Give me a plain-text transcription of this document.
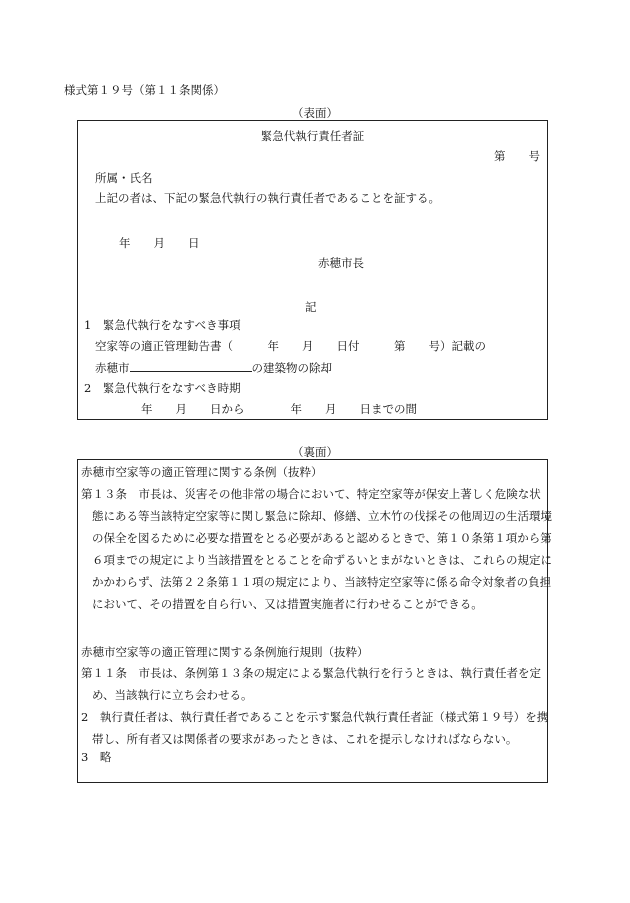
様式第１９号（第１１条関係）
（表面）
緊急代執行責任者証
第　　号
所属・氏名
上記の者は、下記の緊急代執行の執行責任者であることを証する。
年　　月　　日
赤穂市長
記
1　緊急代執行をなすべき事項
空家等の適正管理勧告書（　　　年　　月　　日付　　　第　　号）記載の
赤穂市	の建築物の除却
2　緊急代執行をなすべき時期
年　　月　　日から　　　　年　　月　　日までの間
（裏面）
赤穂市空家等の適正管理に関する条例（抜粋）
第１３条　市長は、災害その他非常の場合において、特定空家等が保安上著しく危険な状態にある等当該特定空家等に関し緊急に除却、修繕、立木竹の伐採その他周辺の生活環境の保全を図るために必要な措置をとる必要があると認めるときで、第１０条第１項から第６項までの規定により当該措置をとることを命ずるいとまがないときは、これらの規定にかかわらず、法第２２条第１１項の規定により、当該特定空家等に係る命令対象者の負担において、その措置を自ら行い、又は措置実施者に行わせることができる。
赤穂市空家等の適正管理に関する条例施行規則（抜粋）
第１１条　市長は、条例第１３条の規定による緊急代執行を行うときは、執行責任者を定め、当該執行に立ち会わせる。
2　執行責任者は、執行責任者であることを示す緊急代執行責任者証（様式第１９号）を携帯し、所有者又は関係者の要求があったときは、これを提示しなければならない。
3　略
